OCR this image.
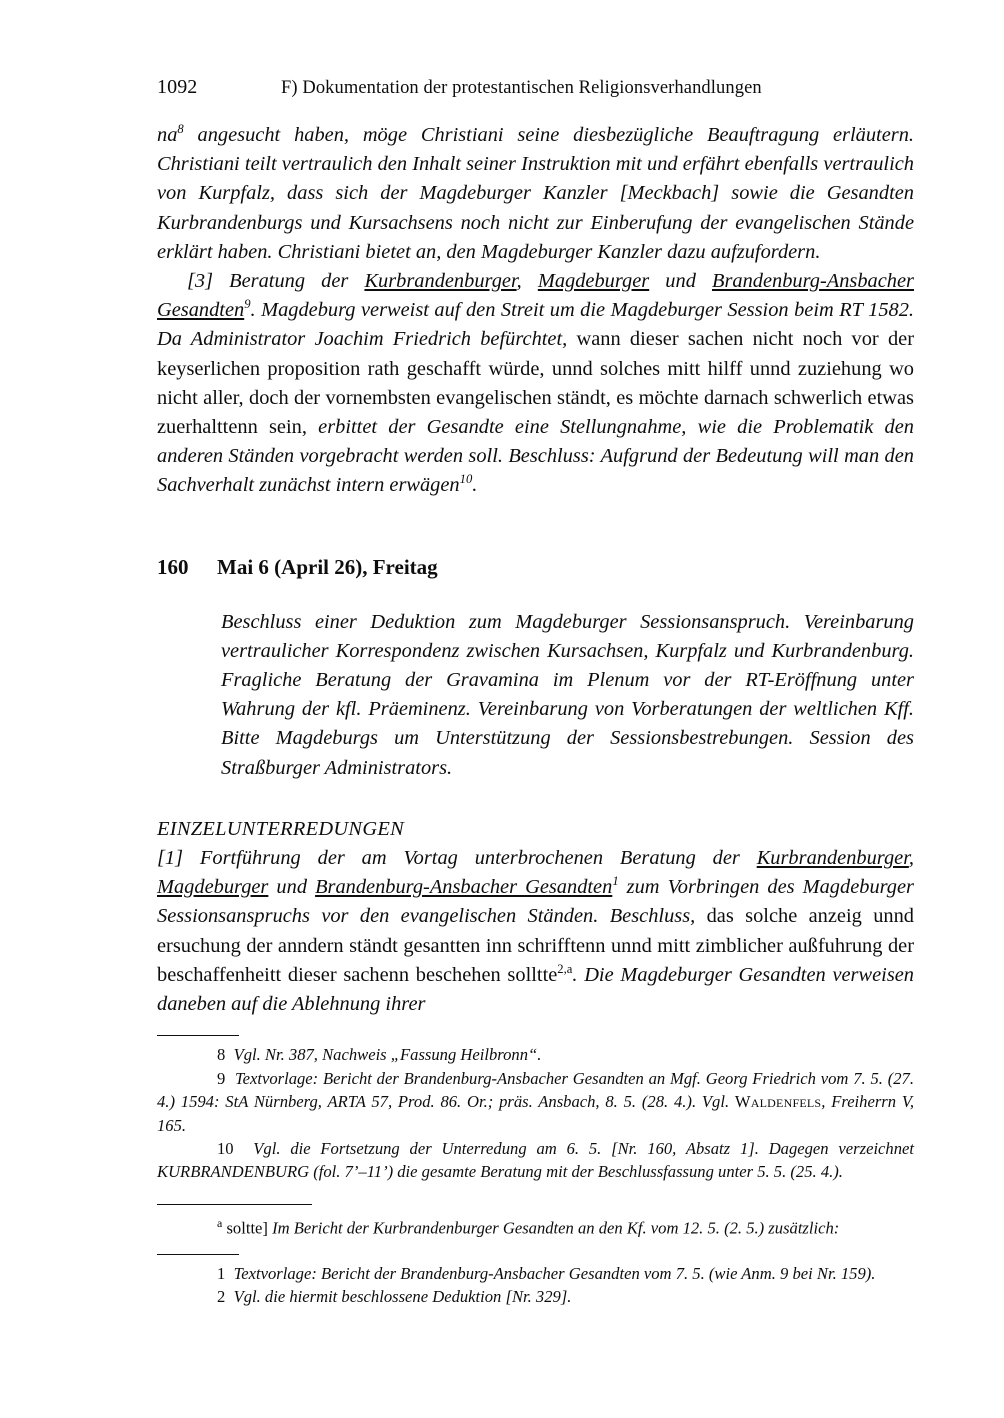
1092	F) Dokumentation der protestantischen Religionsverhandlungen

$na^8$ angesucht haben, möge Christiani seine diesbezügliche Beauftragung erläutern. Christiani teilt vertraulich den Inhalt seiner Instruktion mit und erfährt ebenfalls vertraulich von Kurpfalz, dass sich der Magdeburger Kanzler [Meckbach] sowie die Gesandten Kurbrandenburgs und Kursachsens noch nicht zur Einberufung der evangelischen Stände erklärt haben. Christiani bietet an, den Magdeburger Kanzler dazu aufzufordern.

[3] Beratung der Kurbrandenburger, Magdeburger und Brandenburg-Ansbacher Gesandten$^9$. Magdeburg verweist auf den Streit um die Magdeburger Session beim RT 1582. Da Administrator Joachim Friedrich befürchtet, wann dieser sachen nicht noch vor der keyserlichen proposition rath geschafft würde, unnd solches mitt hilff unnd zuziehung wo nicht aller, doch der vornembsten evangelischen ständt, es möchte darnach schwerlich etwas zuerhalttenn sein, erbittet der Gesandte eine Stellungnahme, wie die Problematik den anderen Ständen vorgebracht werden soll. Beschluss: Aufgrund der Bedeutung will man den Sachverhalt zunächst intern erwägen$^{10}$.

160	Mai 6 (April 26), Freitag
Beschluss einer Deduktion zum Magdeburger Sessionsanspruch. Vereinbarung vertraulicher Korrespondenz zwischen Kursachsen, Kurpfalz und Kurbrandenburg. Fragliche Beratung der Gravamina im Plenum vor der RT-Eröffnung unter Wahrung der kfl. Präeminenz. Vereinbarung von Vorberatungen der weltlichen Kff. Bitte Magdeburgs um Unterstützung der Sessionsbestrebungen. Session des Straßburger Administrators.
EINZELUNTERREDUNGEN

[1] Fortführung der am Vortag unterbrochenen Beratung der Kurbrandenburger, Magdeburger und Brandenburg-Ansbacher Gesandten$^1$ zum Vorbringen des Magdeburger Sessionsanspruchs vor den evangelischen Ständen. Beschluss, das solche anzeig unnd ersuchung der anndern ständt gesantten inn schrifftenn unnd mitt zimblicher außfuhrung der beschaffenheitt dieser sachenn beschehen solltte$^{2,a}$. Die Magdeburger Gesandten verweisen daneben auf die Ablehnung ihrer

8 Vgl. Nr. 387, Nachweis „Fassung Heilbronn“.

9 Textvorlage: Bericht der Brandenburg-Ansbacher Gesandten an Mgf. Georg Friedrich vom 7. 5. (27. 4.) 1594: StA Nürnberg, ARTA 57, Prod. 86. Or.; präs. Ansbach, 8. 5. (28. 4.). Vgl. Waldenfels, Freiherrn V, 165.

10 Vgl. die Fortsetzung der Unterredung am 6. 5. [Nr. 160, Absatz 1]. Dagegen verzeichnet KURBRANDENBURG (fol. 7’–11’) die gesamte Beratung mit der Beschlussfassung unter 5. 5. (25. 4.).

a soltte] Im Bericht der Kurbrandenburger Gesandten an den Kf. vom 12. 5. (2. 5.) zusätzlich:

1 Textvorlage: Bericht der Brandenburg-Ansbacher Gesandten vom 7. 5. (wie Anm. 9 bei Nr. 159).

2 Vgl. die hiermit beschlossene Deduktion [Nr. 329].
